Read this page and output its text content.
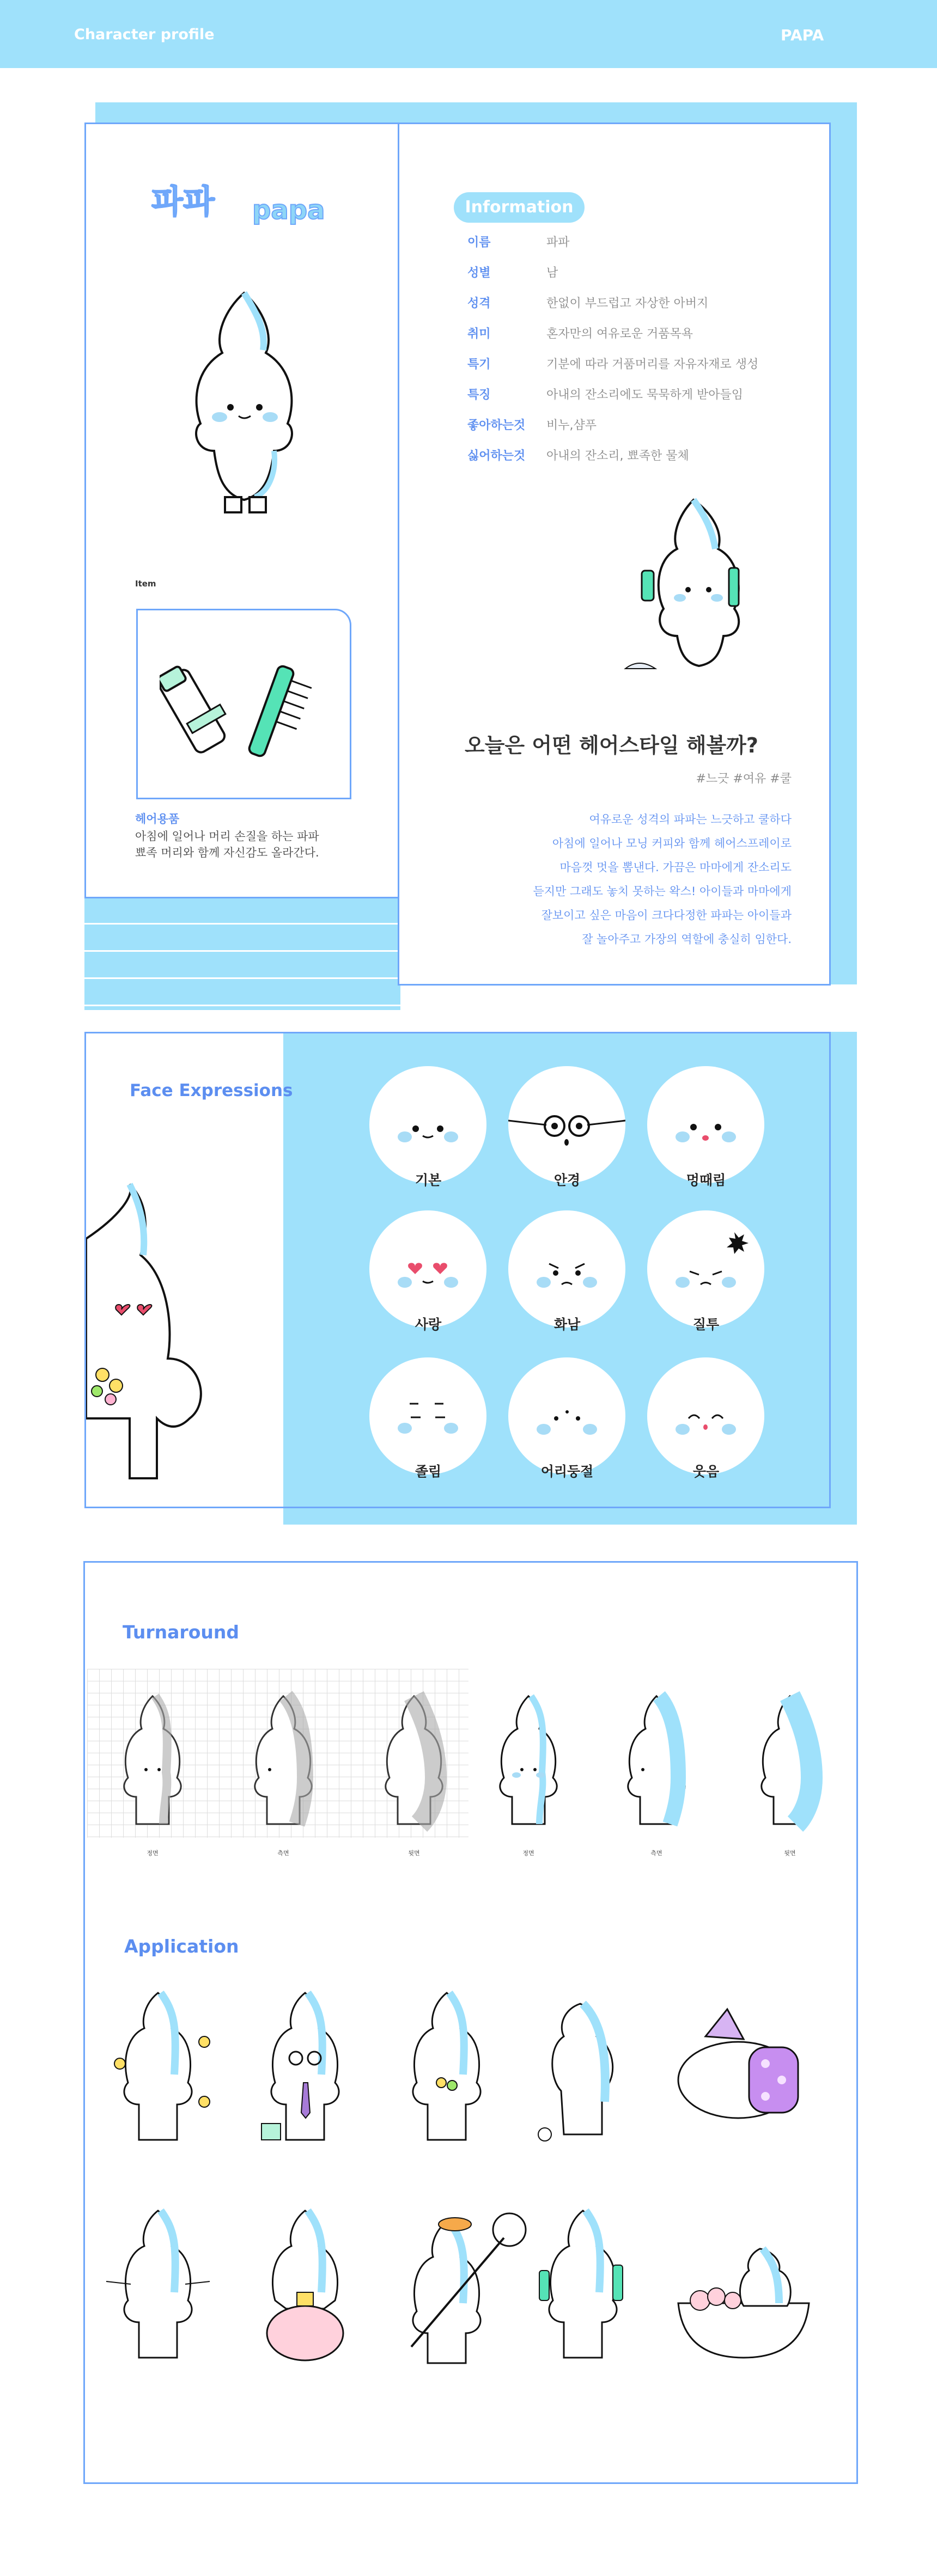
Character profile	PAPA
파파 papa
Item
헤어용품
아침에 일어나 머리 손질을 하는 파파
뾰족 머리와 함께 자신감도 올라간다.
Information
이름	파파
성별	남
성격	한없이 부드럽고 자상한 아버지
취미	혼자만의 여유로운 거품목욕
특기	기분에 따라 거품머리를 자유자재로 생성
특징	아내의 잔소리에도 묵묵하게 받아들임
좋아하는것	비누,샴푸
싫어하는것	아내의 잔소리, 뾰족한 물체
오늘은 어떤 헤어스타일 해볼까?
#느긋 #여유 #쿨
여유로운 성격의 파파는 느긋하고 쿨하다
아침에 일어나 모닝 커피와 함께 헤어스프레이로
마음껏 멋을 뽐낸다. 가끔은 마마에게 잔소리도
듣지만 그래도 놓치 못하는 왁스! 아이들과 마마에게
잘보이고 싶은 마음이 크다다정한 파파는 아이들과
잘 놀아주고 가장의 역할에 충실히 임한다.
Face Expressions
기본	안경	멍때림
사랑	화남	질투
졸림	어리둥절	웃음
Turnaround
정면	측면	뒷면	정면	측면	뒷면
Application
